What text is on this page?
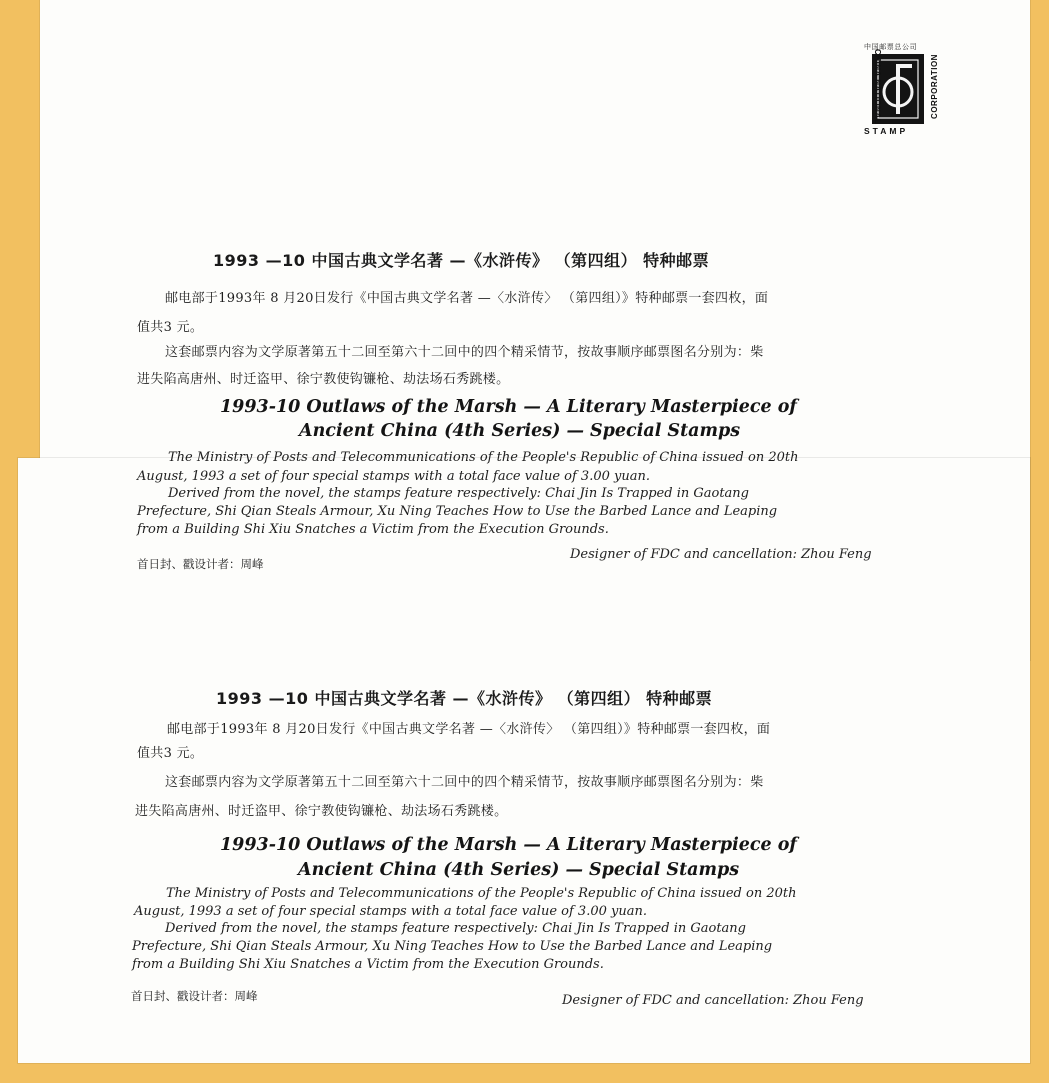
中国邮票总公司
CHINA NATIONAL	CORPORATION
STAMP
1993 —10 中国古典文学名著 —《水浒传》 （第四组） 特种邮票
邮电部于1993年 8 月20日发行《中国古典文学名著 —〈水浒传〉 （第四组）》特种邮票一套四枚，面
值共3 元。
这套邮票内容为文学原著第五十二回至第六十二回中的四个精采情节，按故事顺序邮票图名分别为：柴
进失陷高唐州、时迁盗甲、徐宁教使钩镰枪、劫法场石秀跳楼。
1993-10 Outlaws of the Marsh — A Literary Masterpiece of
Ancient China (4th Series) — Special Stamps
The Ministry of Posts and Telecommunications of the People's Republic of China issued on 20th
August, 1993 a set of four special stamps with a total face value of 3.00 yuan.
Derived from the novel, the stamps feature respectively: Chai Jin Is Trapped in Gaotang
Prefecture, Shi Qian Steals Armour, Xu Ning Teaches How to Use the Barbed Lance and Leaping
from a Building Shi Xiu Snatches a Victim from the Execution Grounds.
首日封、戳设计者：周峰
Designer of FDC and cancellation: Zhou Feng
1993 —10 中国古典文学名著 —《水浒传》 （第四组） 特种邮票
邮电部于1993年 8 月20日发行《中国古典文学名著 —〈水浒传〉 （第四组）》特种邮票一套四枚，面
值共3 元。
这套邮票内容为文学原著第五十二回至第六十二回中的四个精采情节，按故事顺序邮票图名分别为：柴
进失陷高唐州、时迁盗甲、徐宁教使钩镰枪、劫法场石秀跳楼。
1993-10 Outlaws of the Marsh — A Literary Masterpiece of
Ancient China (4th Series) — Special Stamps
The Ministry of Posts and Telecommunications of the People's Republic of China issued on 20th
August, 1993 a set of four special stamps with a total face value of 3.00 yuan.
Derived from the novel, the stamps feature respectively: Chai Jin Is Trapped in Gaotang
Prefecture, Shi Qian Steals Armour, Xu Ning Teaches How to Use the Barbed Lance and Leaping
from a Building Shi Xiu Snatches a Victim from the Execution Grounds.
首日封、戳设计者：周峰	Designer of FDC and cancellation: Zhou Feng
